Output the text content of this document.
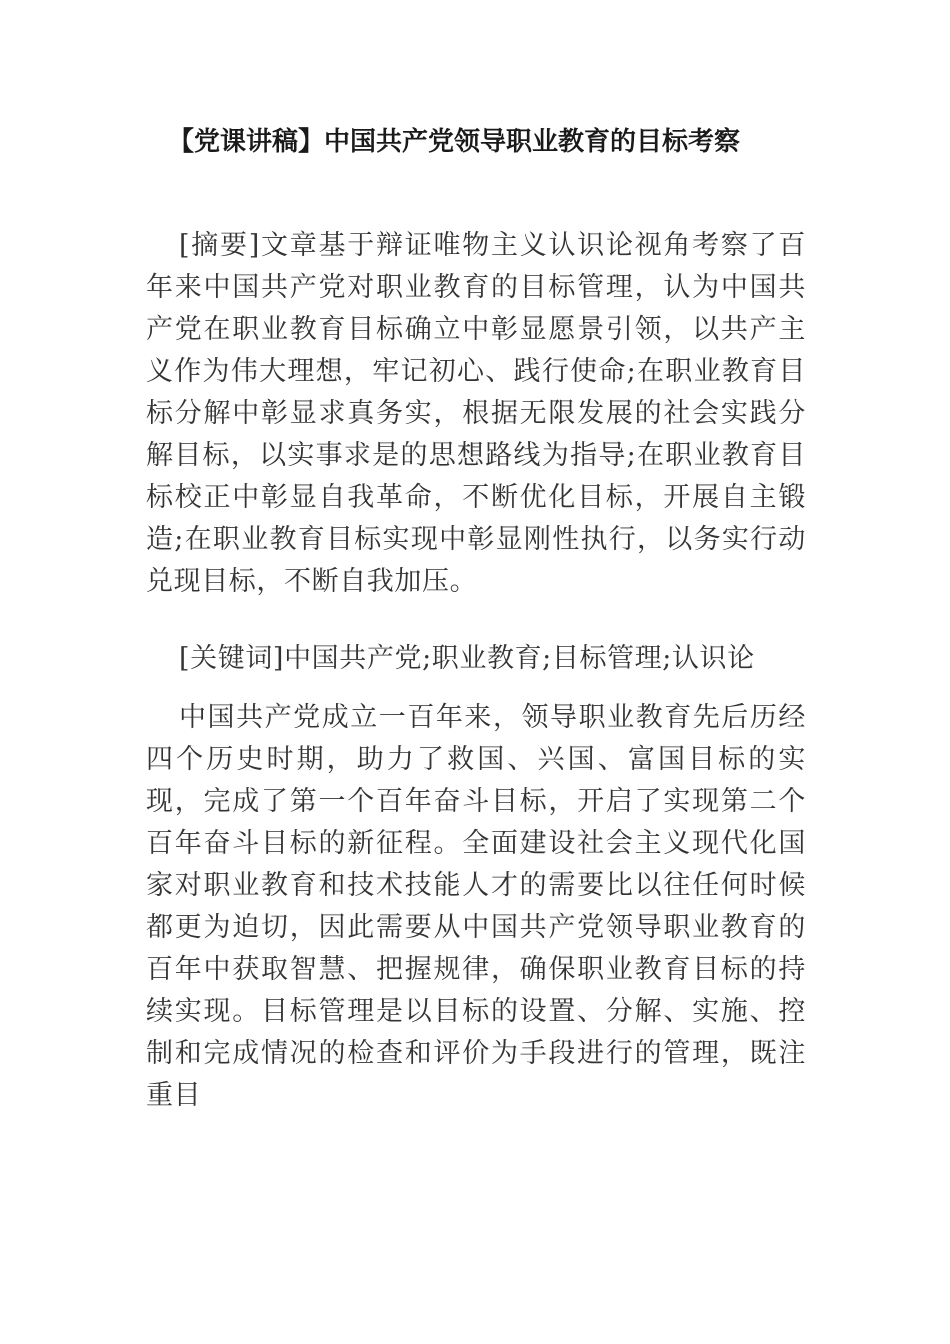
【党课讲稿】中国共产党领导职业教育的目标考察

[摘要]文章基于辩证唯物主义认识论视角考察了百年来中国共产党对职业教育的目标管理，认为中国共产党在职业教育目标确立中彰显愿景引领，以共产主义作为伟大理想，牢记初心、践行使命;在职业教育目标分解中彰显求真务实，根据无限发展的社会实践分解目标，以实事求是的思想路线为指导;在职业教育目标校正中彰显自我革命，不断优化目标，开展自主锻造;在职业教育目标实现中彰显刚性执行，以务实行动兑现目标，不断自我加压。

[关键词]中国共产党;职业教育;目标管理;认识论

中国共产党成立一百年来，领导职业教育先后历经四个历史时期，助力了救国、兴国、富国目标的实现，完成了第一个百年奋斗目标，开启了实现第二个百年奋斗目标的新征程。全面建设社会主义现代化国家对职业教育和技术技能人才的需要比以往任何时候都更为迫切，因此需要从中国共产党领导职业教育的百年中获取智慧、把握规律，确保职业教育目标的持续实现。目标管理是以目标的设置、分解、实施、控制和完成情况的检查和评价为手段进行的管理，既注重目
